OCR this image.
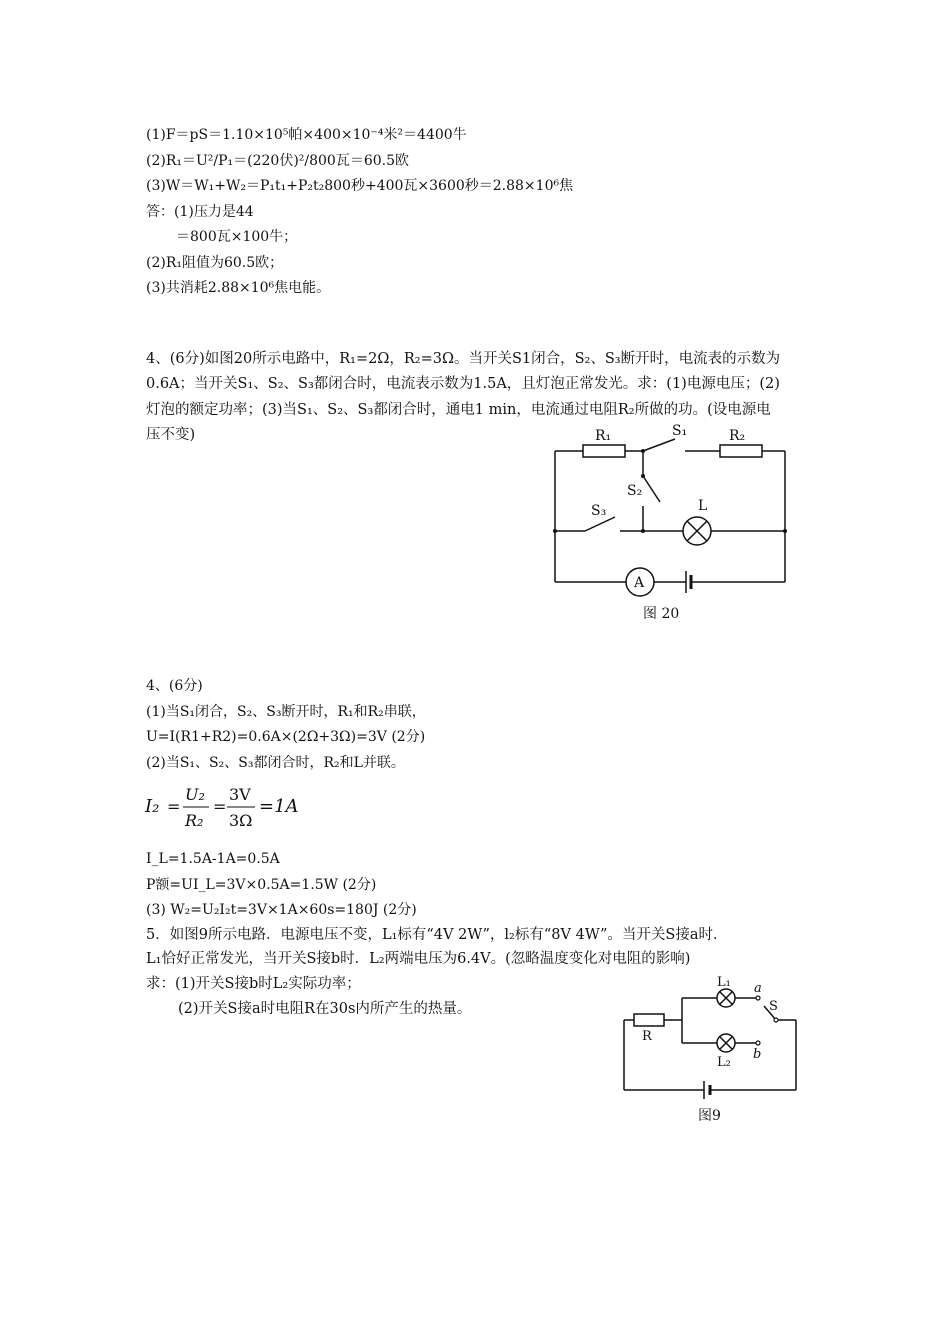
(1)F＝pS＝1.10×10⁵帕×400×10⁻⁴米²＝4400牛
(2)R₁＝U²/P₁＝(220伏)²/800瓦＝60.5欧
(3)W＝W₁+W₂＝P₁t₁+P₂t₂800秒+400瓦×3600秒＝2.88×10⁶焦
答：(1)压力是44
＝800瓦×100牛；
(2)R₁阻值为60.5欧；
(3)共消耗2.88×10⁶焦电能。
4、(6分)如图20所示电路中，R₁=2Ω，R₂=3Ω。当开关S1闭合，S₂、S₃断开时，电流表的示数为
0.6A；当开关S₁、S₂、S₃都闭合时，电流表示数为1.5A，且灯泡正常发光。求：(1)电源电压；(2)
灯泡的额定功率；(3)当S₁、S₂、S₃都闭合时，通电1 min，电流通过电阻R₂所做的功。(设电源电
压不变)	R₁	S₁	R₂
S₂
S₃	L
A
图 20
4、(6分)
(1)当S₁闭合，S₂、S₃断开时，R₁和R₂串联，
U=I(R1+R2)=0.6A×(2Ω+3Ω)=3V (2分)
(2)当S₁、S₂、S₃都闭合时，R₂和L并联。
I₂ =
U₂
R₂
=
3V
3Ω
=1A
I_L=1.5A-1A=0.5A
P额=UI_L=3V×0.5A=1.5W (2分)
(3) W₂=U₂I₂t=3V×1A×60s=180J (2分)
5．如图9所示电路．电源电压不变，L₁标有“4V 2W”，l₂标有“8V 4W”。当开关S接a时．
L₁恰好正常发光，当开关S接b时．L₂两端电压为6.4V。(忽略温度变化对电阻的影响)
求：(1)开关S接b时L₂实际功率；
(2)开关S接a时电阻R在30s内所产生的热量。
L₁
L₂
R
S
a
b
图9
